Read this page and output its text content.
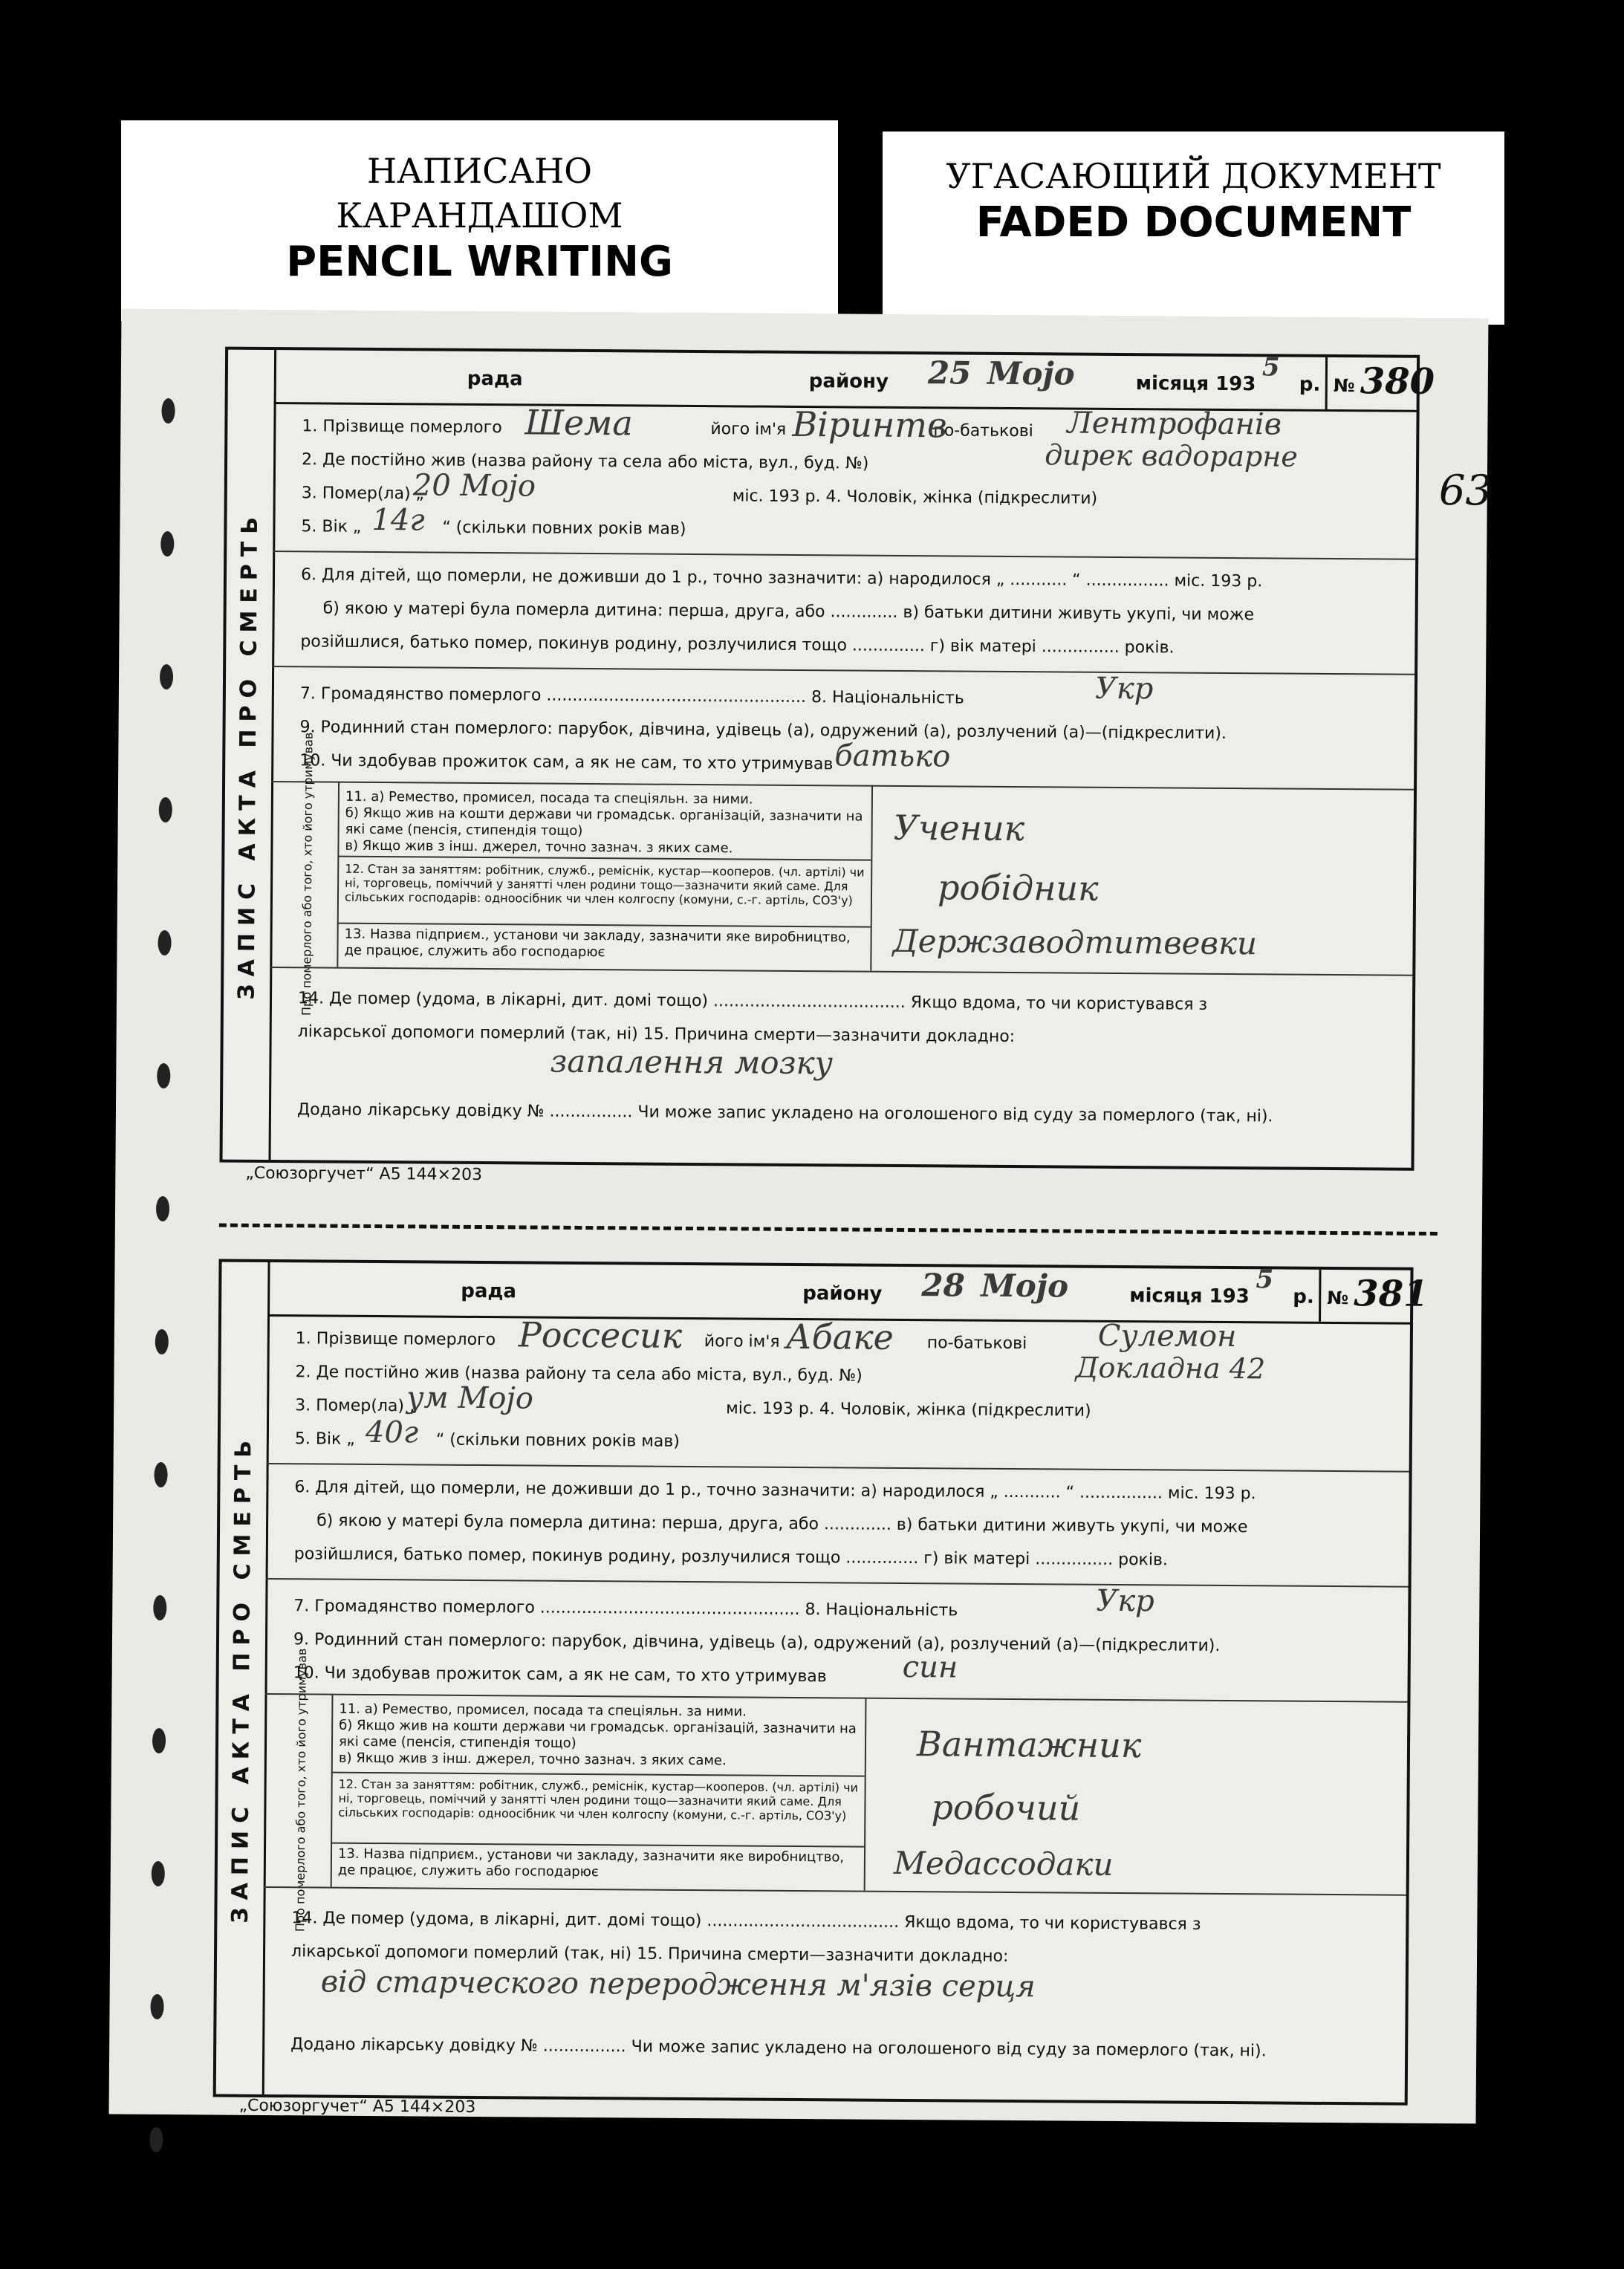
НАПИСАНО
КАРАНДАШОМ
PENCIL WRITING
УГАСАЮЩИЙ ДОКУМЕНТ
FADED DOCUMENT
63
ЗАПИС АКТА ПРО СМЕРТЬ
рада	району 25 Mojo	місяця 193
5
р. № 380
1. Прізвище померлого	його ім'я	по-батькові
Шема	Віринтв	Лентрофанів
2. Де постійно жив (назва району та села або міста, вул., буд. №)	дирек вадорарне
3. Помер(ла) „	міс. 193 р. 4. Чоловік, жінка (підкреслити)
20 Mojo
5. Вік „	“ (скільки повних років мав)
14г
6. Для дітей, що померли, не доживши до 1 р., точно зазначити: а) народилося „ ........... “ ................ міс. 193 р.
б) якою у матері була померла дитина: перша, друга, або ............. в) батьки дитини живуть укупі, чи може
розійшлися, батько помер, покинув родину, розлучилися тощо .............. г) вік матері ............... років.
7. Громадянство померлого .................................................. 8. Національність	Укр
9. Родинний стан померлого: парубок, дівчина, удівець (а), одружений (а), розлучений (а)—(підкреслити).
10. Чи здобував прожиток сам, а як не сам, то хто утримував батько
Про померлого або того, хто його утримував 11. а) Ремество, промисел, посада та спеціяльн. за ними.
б) Якщо жив на кошти держави чи громадськ. організацій, зазначити на які саме (пенсія, стипендія тощо)
в) Якщо жив з інш. джерел, точно зазнач. з яких саме.	Ученик
12. Стан за заняттям: робітник, служб., реміснік, кустар—кооперов. (чл. артілі) чи ні, торговець, поміччий у занятті член родини тощо—зазначити який саме. Для сільських господарів: одноосібник чи член колгоспу (комуни, с.-г. артіль, СОЗ'у)	робідник
13. Назва підприєм., установи чи закладу, зазначити яке виробництво, де працює, служить або господарює	Держзаводтитвевки
14. Де помер (удома, в лікарні, дит. домі тощо) ..................................... Якщо вдома, то чи користувався з
лікарської допомоги померлий (так, ні) 15. Причина смерти—зазначити докладно:
запалення мозку
Додано лікарську довідку № ................ Чи може запис укладено на оголошеного від суду за померлого (так, ні).
„Союзоргучет“ А5 144×203
ЗАПИС АКТА ПРО СМЕРТЬ
рада	району 28 Mojo	місяця 193
5
р. № 381
1. Прізвище померлого	його ім'я	по-батькові
Россесик	Абаке	Сулемон
2. Де постійно жив (назва району та села або міста, вул., буд. №)	Докладна 42
3. Помер(ла) „	міс. 193 р. 4. Чоловік, жінка (підкреслити)
ум Mojo
5. Вік „	“ (скільки повних років мав)
40г
6. Для дітей, що померли, не доживши до 1 р., точно зазначити: а) народилося „ ........... “ ................ міс. 193 р.
б) якою у матері була померла дитина: перша, друга, або ............. в) батьки дитини живуть укупі, чи може
розійшлися, батько помер, покинув родину, розлучилися тощо .............. г) вік матері ............... років.
7. Громадянство померлого .................................................. 8. Національність	Укр
9. Родинний стан померлого: парубок, дівчина, удівець (а), одружений (а), розлучений (а)—(підкреслити).
10. Чи здобував прожиток сам, а як не сам, то хто утримував	син
Про померлого або того, хто його утримував 11. а) Ремество, промисел, посада та спеціяльн. за ними.
б) Якщо жив на кошти держави чи громадськ. організацій, зазначити на які саме (пенсія, стипендія тощо)
в) Якщо жив з інш. джерел, точно зазнач. з яких саме.	Вантажник
12. Стан за заняттям: робітник, служб., реміснік, кустар—кооперов. (чл. артілі) чи ні, торговець, поміччий у занятті член родини тощо—зазначити який саме. Для сільських господарів: одноосібник чи член колгоспу (комуни, с.-г. артіль, СОЗ'у)	робочий
13. Назва підприєм., установи чи закладу, зазначити яке виробництво, де працює, служить або господарює	Медассодаки
14. Де помер (удома, в лікарні, дит. домі тощо) ..................................... Якщо вдома, то чи користувався з
лікарської допомоги померлий (так, ні) 15. Причина смерти—зазначити докладно:
від старческого переродження м'язів серця
Додано лікарську довідку № ................ Чи може запис укладено на оголошеного від суду за померлого (так, ні).
„Союзоргучет“ А5 144×203
